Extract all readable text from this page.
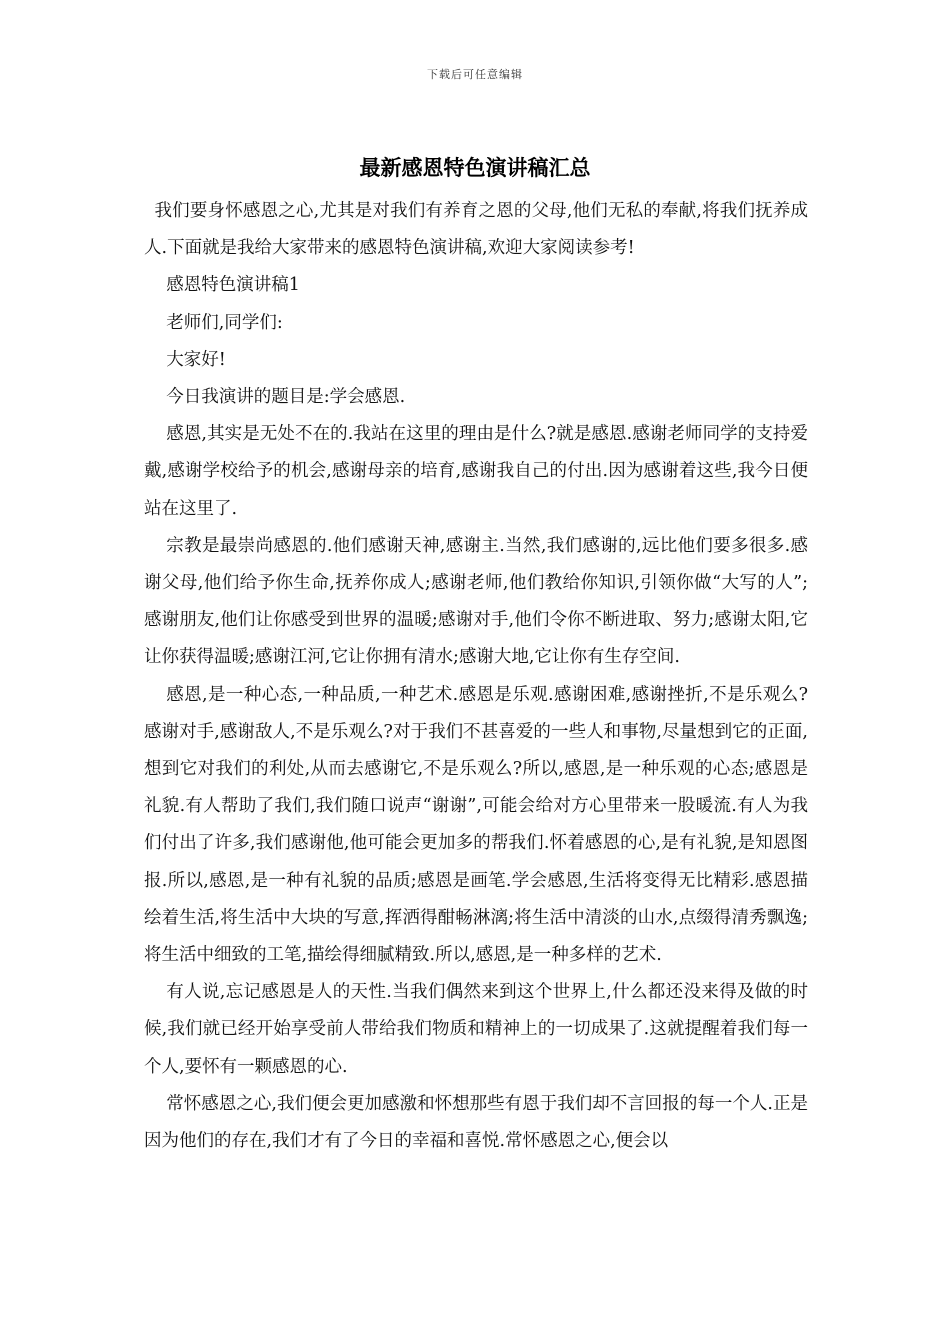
下载后可任意编辑
最新感恩特色演讲稿汇总

我们要身怀感恩之心,尤其是对我们有养育之恩的父母,他们无私的奉献,将我们抚养成人.下面就是我给大家带来的感恩特色演讲稿,欢迎大家阅读参考!

感恩特色演讲稿1

老师们,同学们:

大家好!

今日我演讲的题目是:学会感恩.

感恩,其实是无处不在的.我站在这里的理由是什么?就是感恩.感谢老师同学的支持爱戴,感谢学校给予的机会,感谢母亲的培育,感谢我自己的付出.因为感谢着这些,我今日便站在这里了.

宗教是最崇尚感恩的.他们感谢天神,感谢主.当然,我们感谢的,远比他们要多很多.感谢父母,他们给予你生命,抚养你成人;感谢老师,他们教给你知识,引领你做“大写的人”;感谢朋友,他们让你感受到世界的温暖;感谢对手,他们令你不断进取、努力;感谢太阳,它让你获得温暖;感谢江河,它让你拥有清水;感谢大地,它让你有生存空间.

感恩,是一种心态,一种品质,一种艺术.感恩是乐观.感谢困难,感谢挫折,不是乐观么?感谢对手,感谢敌人,不是乐观么?对于我们不甚喜爱的一些人和事物,尽量想到它的正面,想到它对我们的利处,从而去感谢它,不是乐观么?所以,感恩,是一种乐观的心态;感恩是礼貌.有人帮助了我们,我们随口说声“谢谢”,可能会给对方心里带来一股暖流.有人为我们付出了许多,我们感谢他,他可能会更加多的帮我们.怀着感恩的心,是有礼貌,是知恩图报.所以,感恩,是一种有礼貌的品质;感恩是画笔.学会感恩,生活将变得无比精彩.感恩描绘着生活,将生活中大块的写意,挥洒得酣畅淋漓;将生活中清淡的山水,点缀得清秀飘逸;将生活中细致的工笔,描绘得细腻精致.所以,感恩,是一种多样的艺术.

有人说,忘记感恩是人的天性.当我们偶然来到这个世界上,什么都还没来得及做的时候,我们就已经开始享受前人带给我们物质和精神上的一切成果了.这就提醒着我们每一个人,要怀有一颗感恩的心.

常怀感恩之心,我们便会更加感激和怀想那些有恩于我们却不言回报的每一个人.正是因为他们的存在,我们才有了今日的幸福和喜悦.常怀感恩之心,便会以
